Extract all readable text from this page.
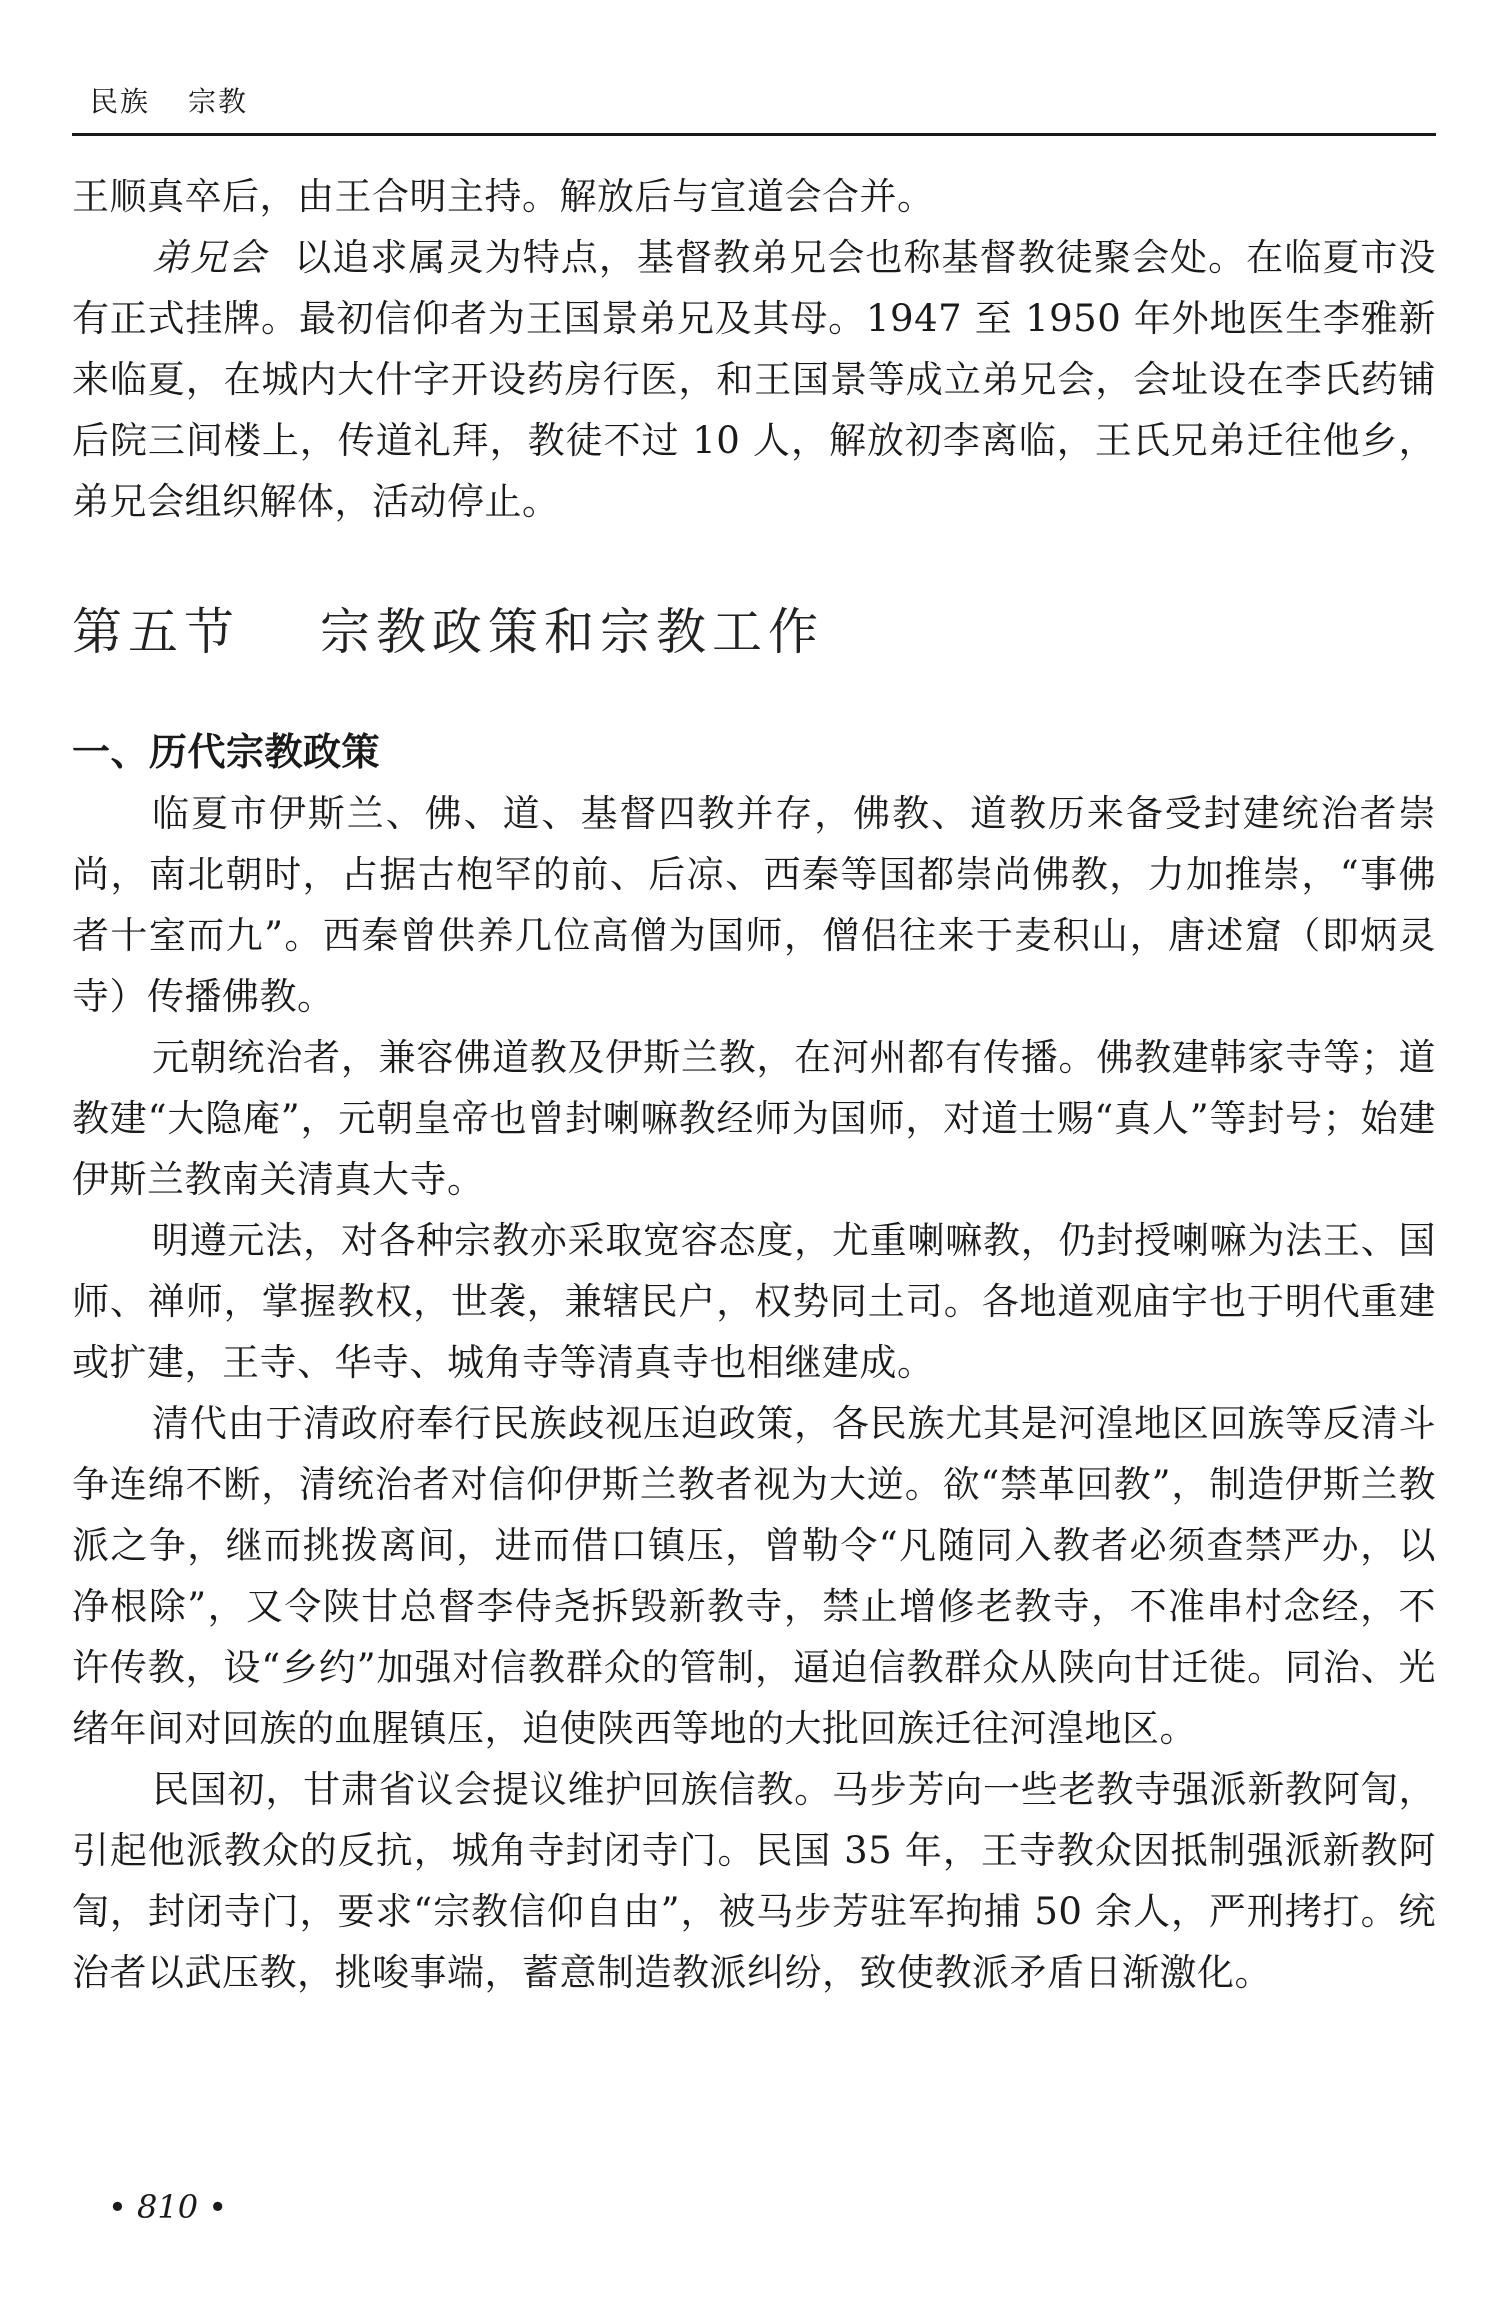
民族 宗教

王顺真卒后，由王合明主持。解放后与宣道会合并。

弟兄会 以追求属灵为特点，基督教弟兄会也称基督教徒聚会处。在临夏市没有正式挂牌。最初信仰者为王国景弟兄及其母。1947 至 1950 年外地医生李雅新来临夏，在城内大什字开设药房行医，和王国景等成立弟兄会，会址设在李氏药铺后院三间楼上，传道礼拜，教徒不过 10 人，解放初李离临，王氏兄弟迁往他乡，弟兄会组织解体，活动停止。

第五节 宗教政策和宗教工作

一、历代宗教政策

临夏市伊斯兰、佛、道、基督四教并存，佛教、道教历来备受封建统治者崇尚，南北朝时，占据古枹罕的前、后凉、西秦等国都崇尚佛教，力加推崇，“事佛者十室而九”。西秦曾供养几位高僧为国师，僧侣往来于麦积山，唐述窟（即炳灵寺）传播佛教。

元朝统治者，兼容佛道教及伊斯兰教，在河州都有传播。佛教建韩家寺等；道教建“大隐庵”，元朝皇帝也曾封喇嘛教经师为国师，对道士赐“真人”等封号；始建伊斯兰教南关清真大寺。

明遵元法，对各种宗教亦采取宽容态度，尤重喇嘛教，仍封授喇嘛为法王、国师、禅师，掌握教权，世袭，兼辖民户，权势同土司。各地道观庙宇也于明代重建或扩建，王寺、华寺、城角寺等清真寺也相继建成。

清代由于清政府奉行民族歧视压迫政策，各民族尤其是河湟地区回族等反清斗争连绵不断，清统治者对信仰伊斯兰教者视为大逆。欲“禁革回教”，制造伊斯兰教派之争，继而挑拨离间，进而借口镇压，曾勒令“凡随同入教者必须查禁严办，以净根除”，又令陕甘总督李侍尧拆毁新教寺，禁止增修老教寺，不准串村念经，不许传教，设“乡约”加强对信教群众的管制，逼迫信教群众从陕向甘迁徙。同治、光绪年间对回族的血腥镇压，迫使陕西等地的大批回族迁往河湟地区。

民国初，甘肃省议会提议维护回族信教。马步芳向一些老教寺强派新教阿訇，引起他派教众的反抗，城角寺封闭寺门。民国 35 年，王寺教众因抵制强派新教阿訇，封闭寺门，要求“宗教信仰自由”，被马步芳驻军拘捕 50 余人，严刑拷打。统治者以武压教，挑唆事端，蓄意制造教派纠纷，致使教派矛盾日渐激化。

• 810 •
